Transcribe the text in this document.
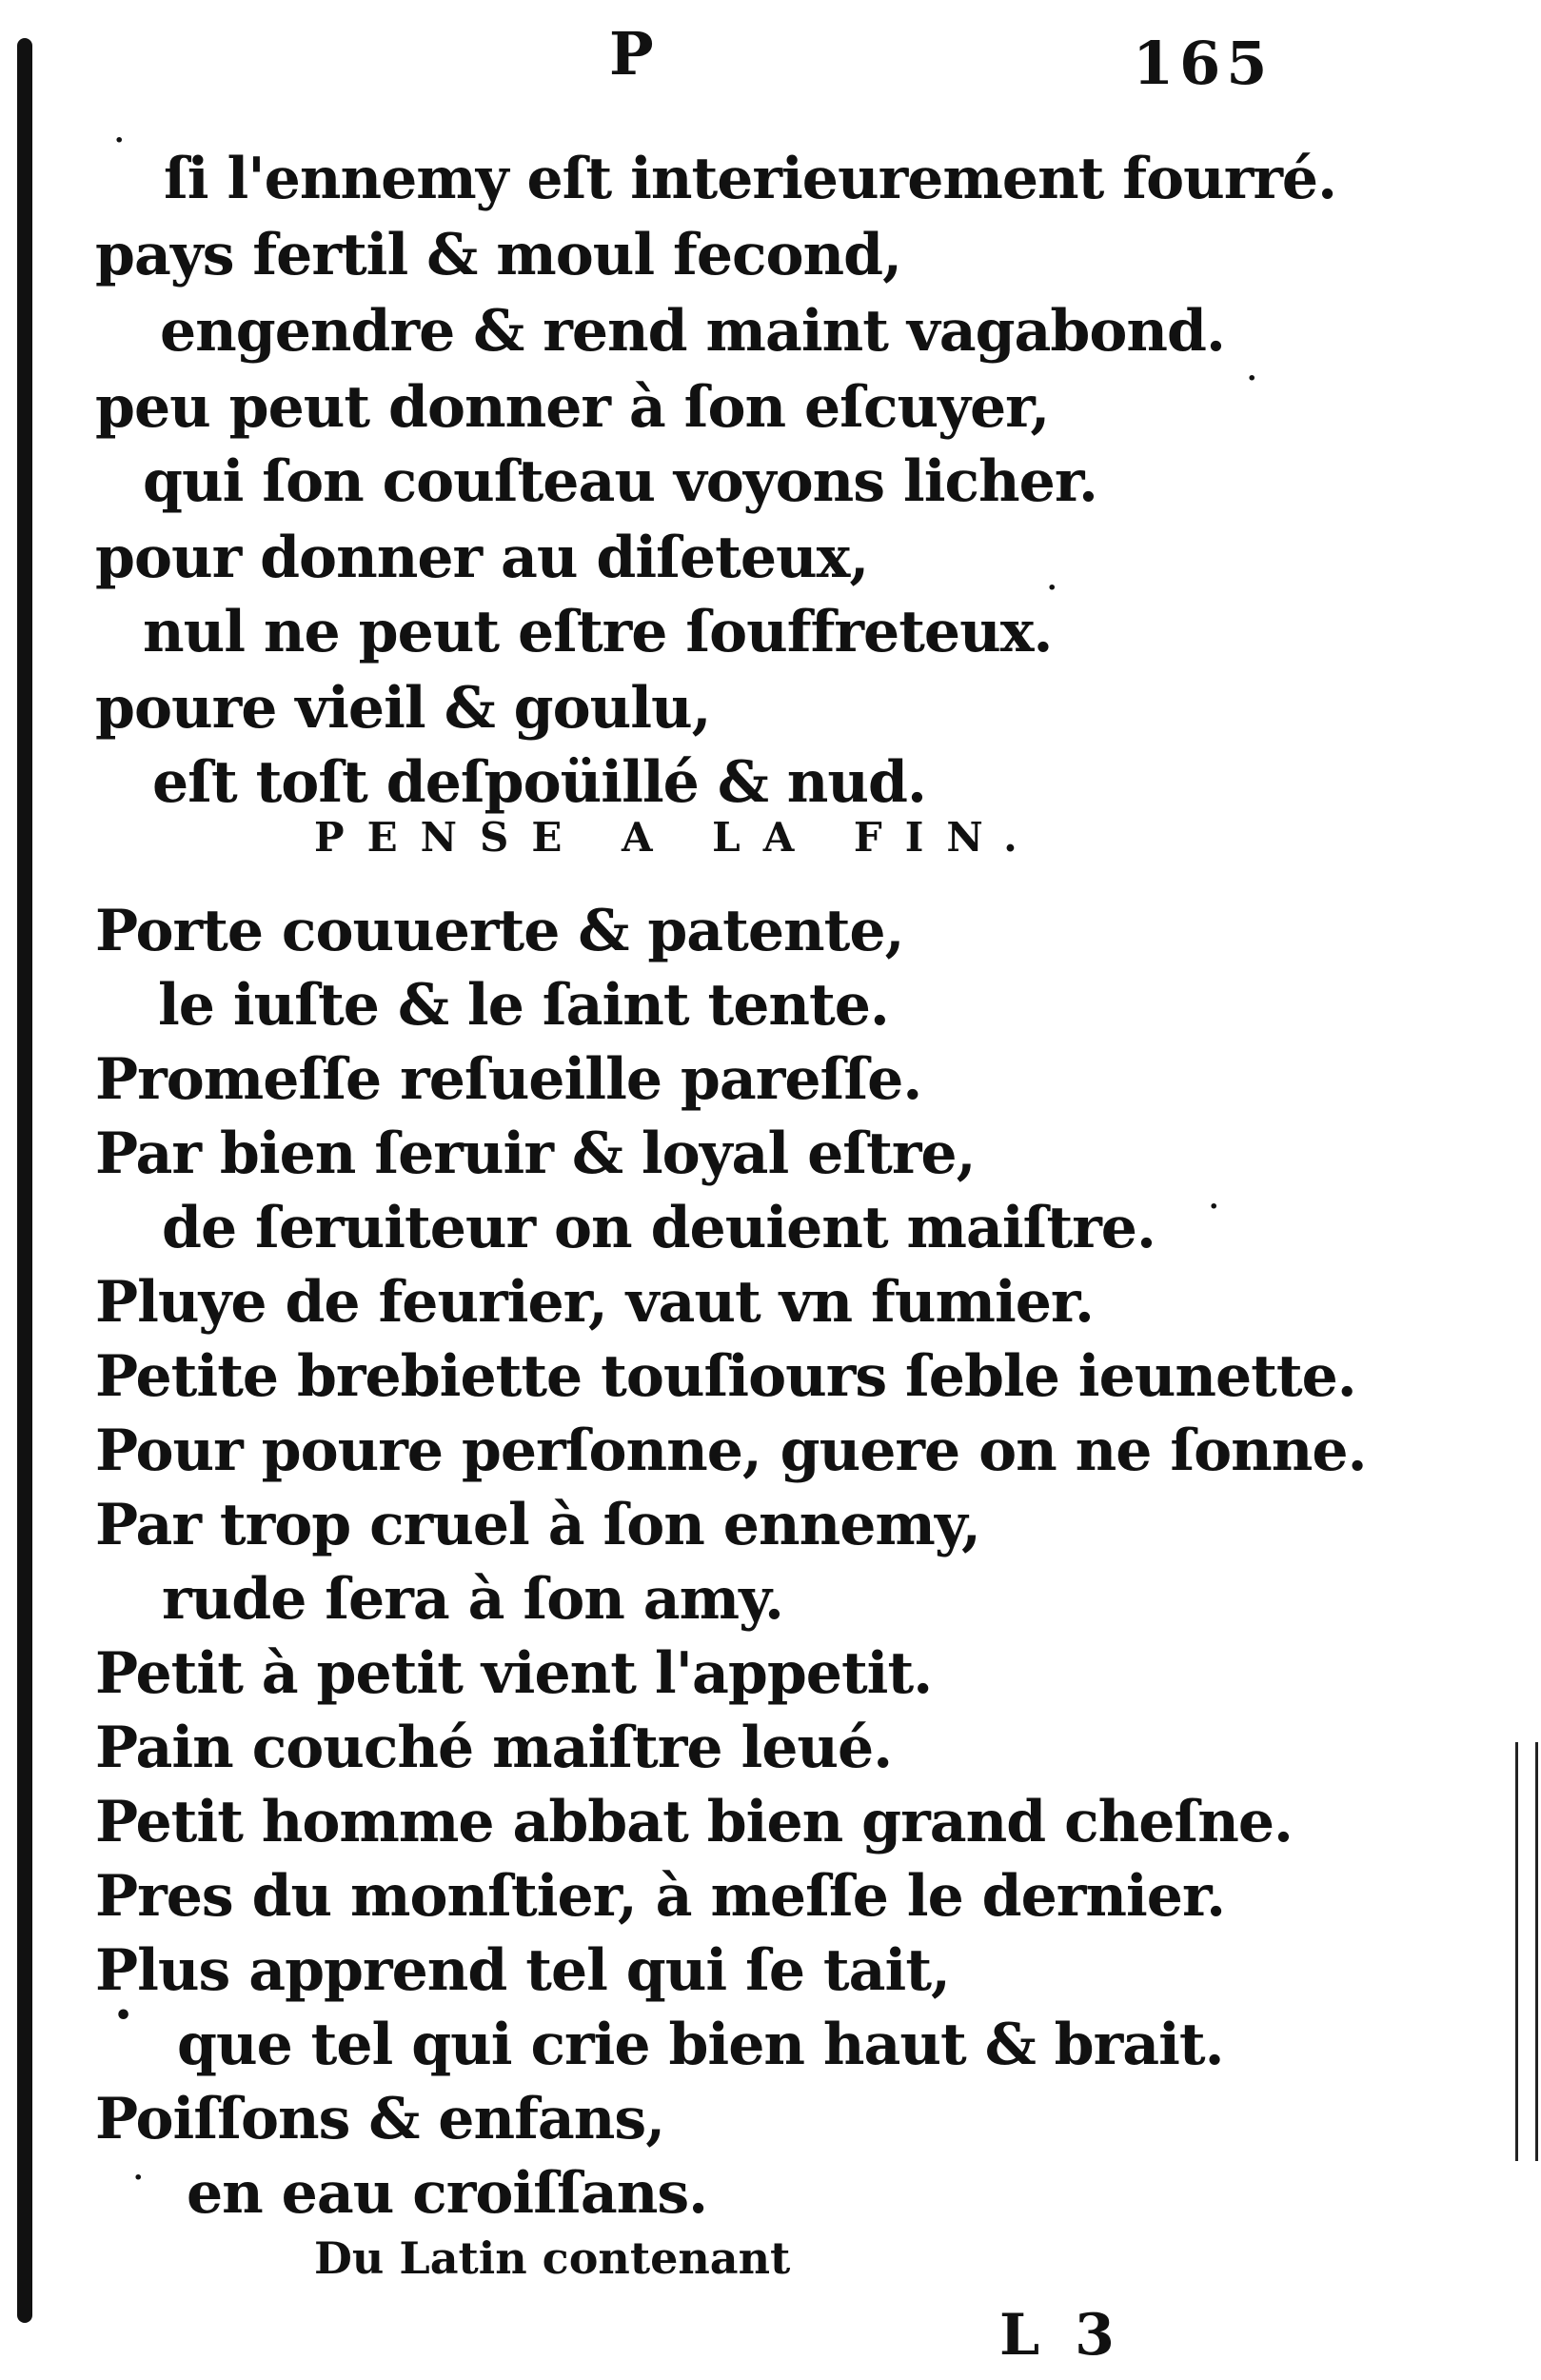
P	165
ſi l'ennemy eſt interieurement fourré.
pays fertil & moul fecond,
engendre & rend maint vagabond.
peu peut donner à ſon eſcuyer,
qui ſon couſteau voyons licher.
pour donner au diſeteux,
nul ne peut eſtre ſouffreteux.
poure vieil & goulu,
eſt toſt deſpoüillé & nud.
PENSE A LA FIN.
Porte couuerte & patente,
le iuſte & le ſaint tente.
Promeſſe reſueille pareſſe.
Par bien ſeruir & loyal eſtre,
de ſeruiteur on deuient maiſtre.
Pluye de feurier, vaut vn fumier.
Petite brebiette touſiours ſeble ieunette.
Pour poure perſonne, guere on ne ſonne.
Par trop cruel à ſon ennemy,
rude ſera à ſon amy.
Petit à petit vient l'appetit.
Pain couché maiſtre leué.
Petit homme abbat bien grand cheſne.
Pres du monſtier, à meſſe le dernier.
Plus apprend tel qui ſe tait,
que tel qui crie bien haut & brait.
Poiſſons & enfans,
en eau croiſſans.
Du Latin contenant
L 3
·
·
·
•
·
·
